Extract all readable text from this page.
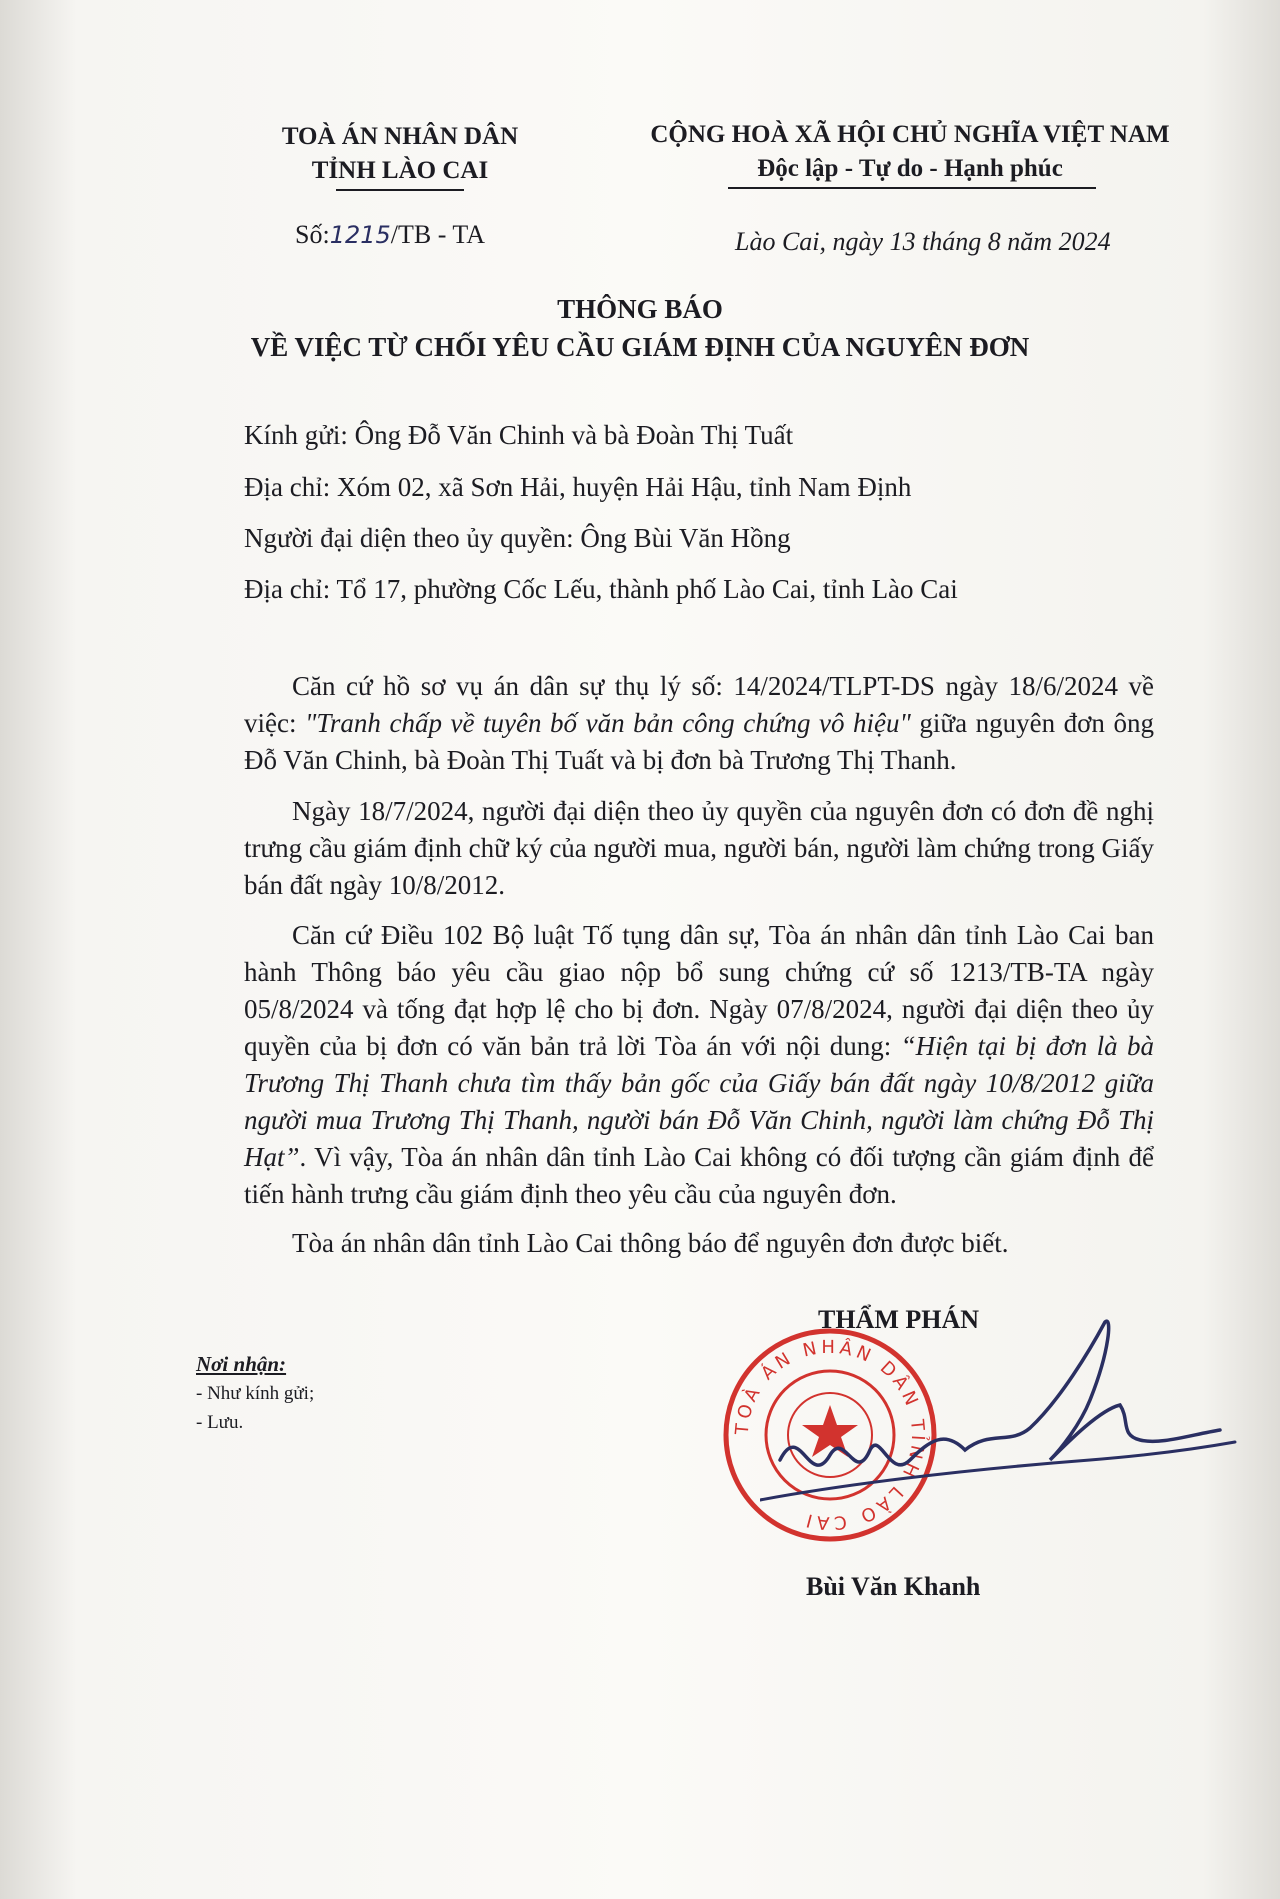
TOÀ ÁN NHÂN DÂN
TỈNH LÀO CAI
CỘNG HOÀ XÃ HỘI CHỦ NGHĨA VIỆT NAM
Độc lập - Tự do - Hạnh phúc
Số:1215/TB - TA	Lào Cai, ngày 13 tháng 8 năm 2024
THÔNG BÁO
VỀ VIỆC TỪ CHỐI YÊU CẦU GIÁM ĐỊNH CỦA NGUYÊN ĐƠN
Kính gửi: Ông Đỗ Văn Chinh và bà Đoàn Thị Tuất
Địa chỉ: Xóm 02, xã Sơn Hải, huyện Hải Hậu, tỉnh Nam Định
Người đại diện theo ủy quyền: Ông Bùi Văn Hồng
Địa chỉ: Tổ 17, phường Cốc Lếu, thành phố Lào Cai, tỉnh Lào Cai

Căn cứ hồ sơ vụ án dân sự thụ lý số: 14/2024/TLPT-DS ngày 18/6/2024 về việc: "Tranh chấp về tuyên bố văn bản công chứng vô hiệu" giữa nguyên đơn ông Đỗ Văn Chinh, bà Đoàn Thị Tuất và bị đơn bà Trương Thị Thanh.

Ngày 18/7/2024, người đại diện theo ủy quyền của nguyên đơn có đơn đề nghị trưng cầu giám định chữ ký của người mua, người bán, người làm chứng trong Giấy bán đất ngày 10/8/2012.

Căn cứ Điều 102 Bộ luật Tố tụng dân sự, Tòa án nhân dân tỉnh Lào Cai ban hành Thông báo yêu cầu giao nộp bổ sung chứng cứ số 1213/TB-TA ngày 05/8/2024 và tống đạt hợp lệ cho bị đơn. Ngày 07/8/2024, người đại diện theo ủy quyền của bị đơn có văn bản trả lời Tòa án với nội dung: “Hiện tại bị đơn là bà Trương Thị Thanh chưa tìm thấy bản gốc của Giấy bán đất ngày 10/8/2012 giữa người mua Trương Thị Thanh, người bán Đỗ Văn Chinh, người làm chứng Đỗ Thị Hạt”. Vì vậy, Tòa án nhân dân tỉnh Lào Cai không có đối tượng cần giám định để tiến hành trưng cầu giám định theo yêu cầu của nguyên đơn.

Tòa án nhân dân tỉnh Lào Cai thông báo để nguyên đơn được biết.

Nơi nhận:
- Như kính gửi;
- Lưu.
THẨM PHÁN
TOÀ ÁN NHÂN DÂN TỈNH LÀO CAI
Bùi Văn Khanh
